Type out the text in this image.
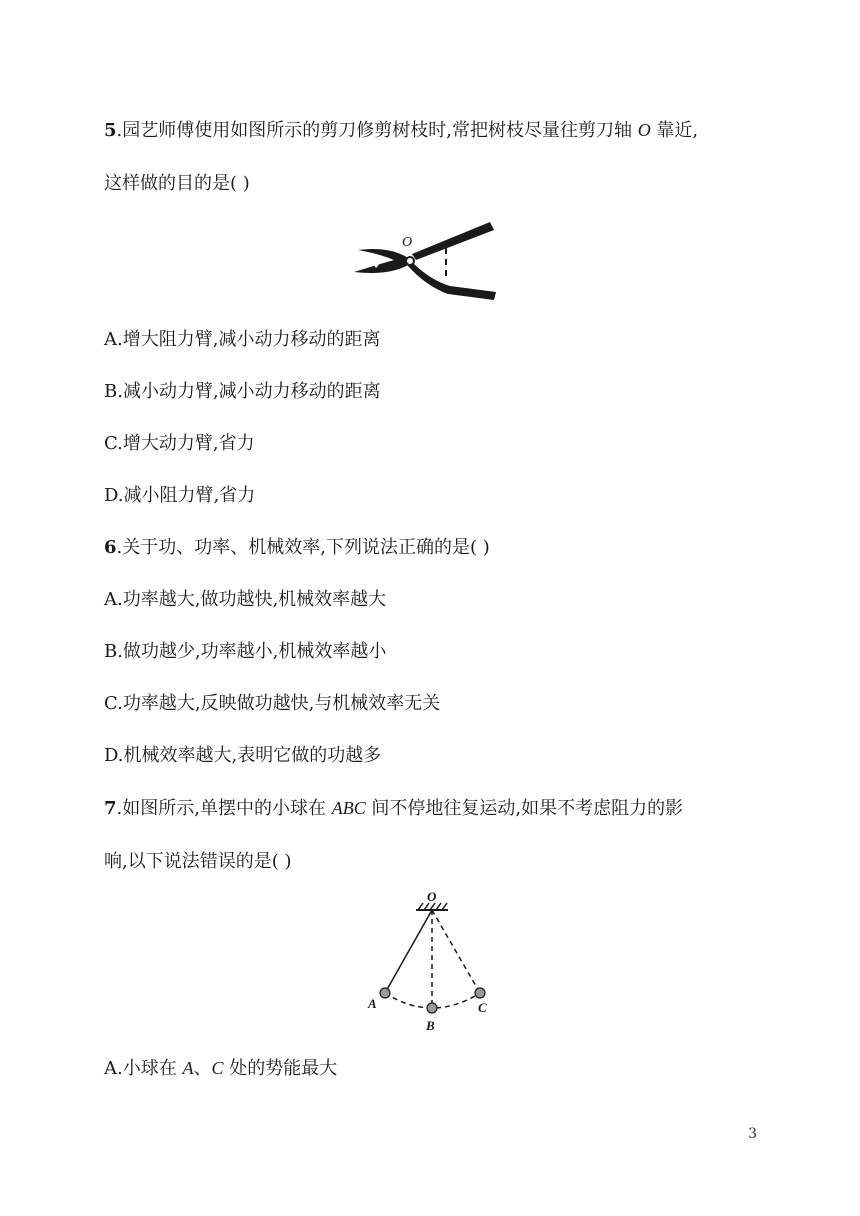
5.园艺师傅使用如图所示的剪刀修剪树枝时,常把树枝尽量往剪刀轴 O 靠近,
这样做的目的是( )
O
A.增大阻力臂,减小动力移动的距离
B.减小动力臂,减小动力移动的距离
C.增大动力臂,省力
D.减小阻力臂,省力
6.关于功、功率、机械效率,下列说法正确的是( )
A.功率越大,做功越快,机械效率越大
B.做功越少,功率越小,机械效率越小
C.功率越大,反映做功越快,与机械效率无关
D.机械效率越大,表明它做的功越多
7.如图所示,单摆中的小球在 ABC 间不停地往复运动,如果不考虑阻力的影
响,以下说法错误的是( )
O
A
B
C
A.小球在 A、C 处的势能最大
3
